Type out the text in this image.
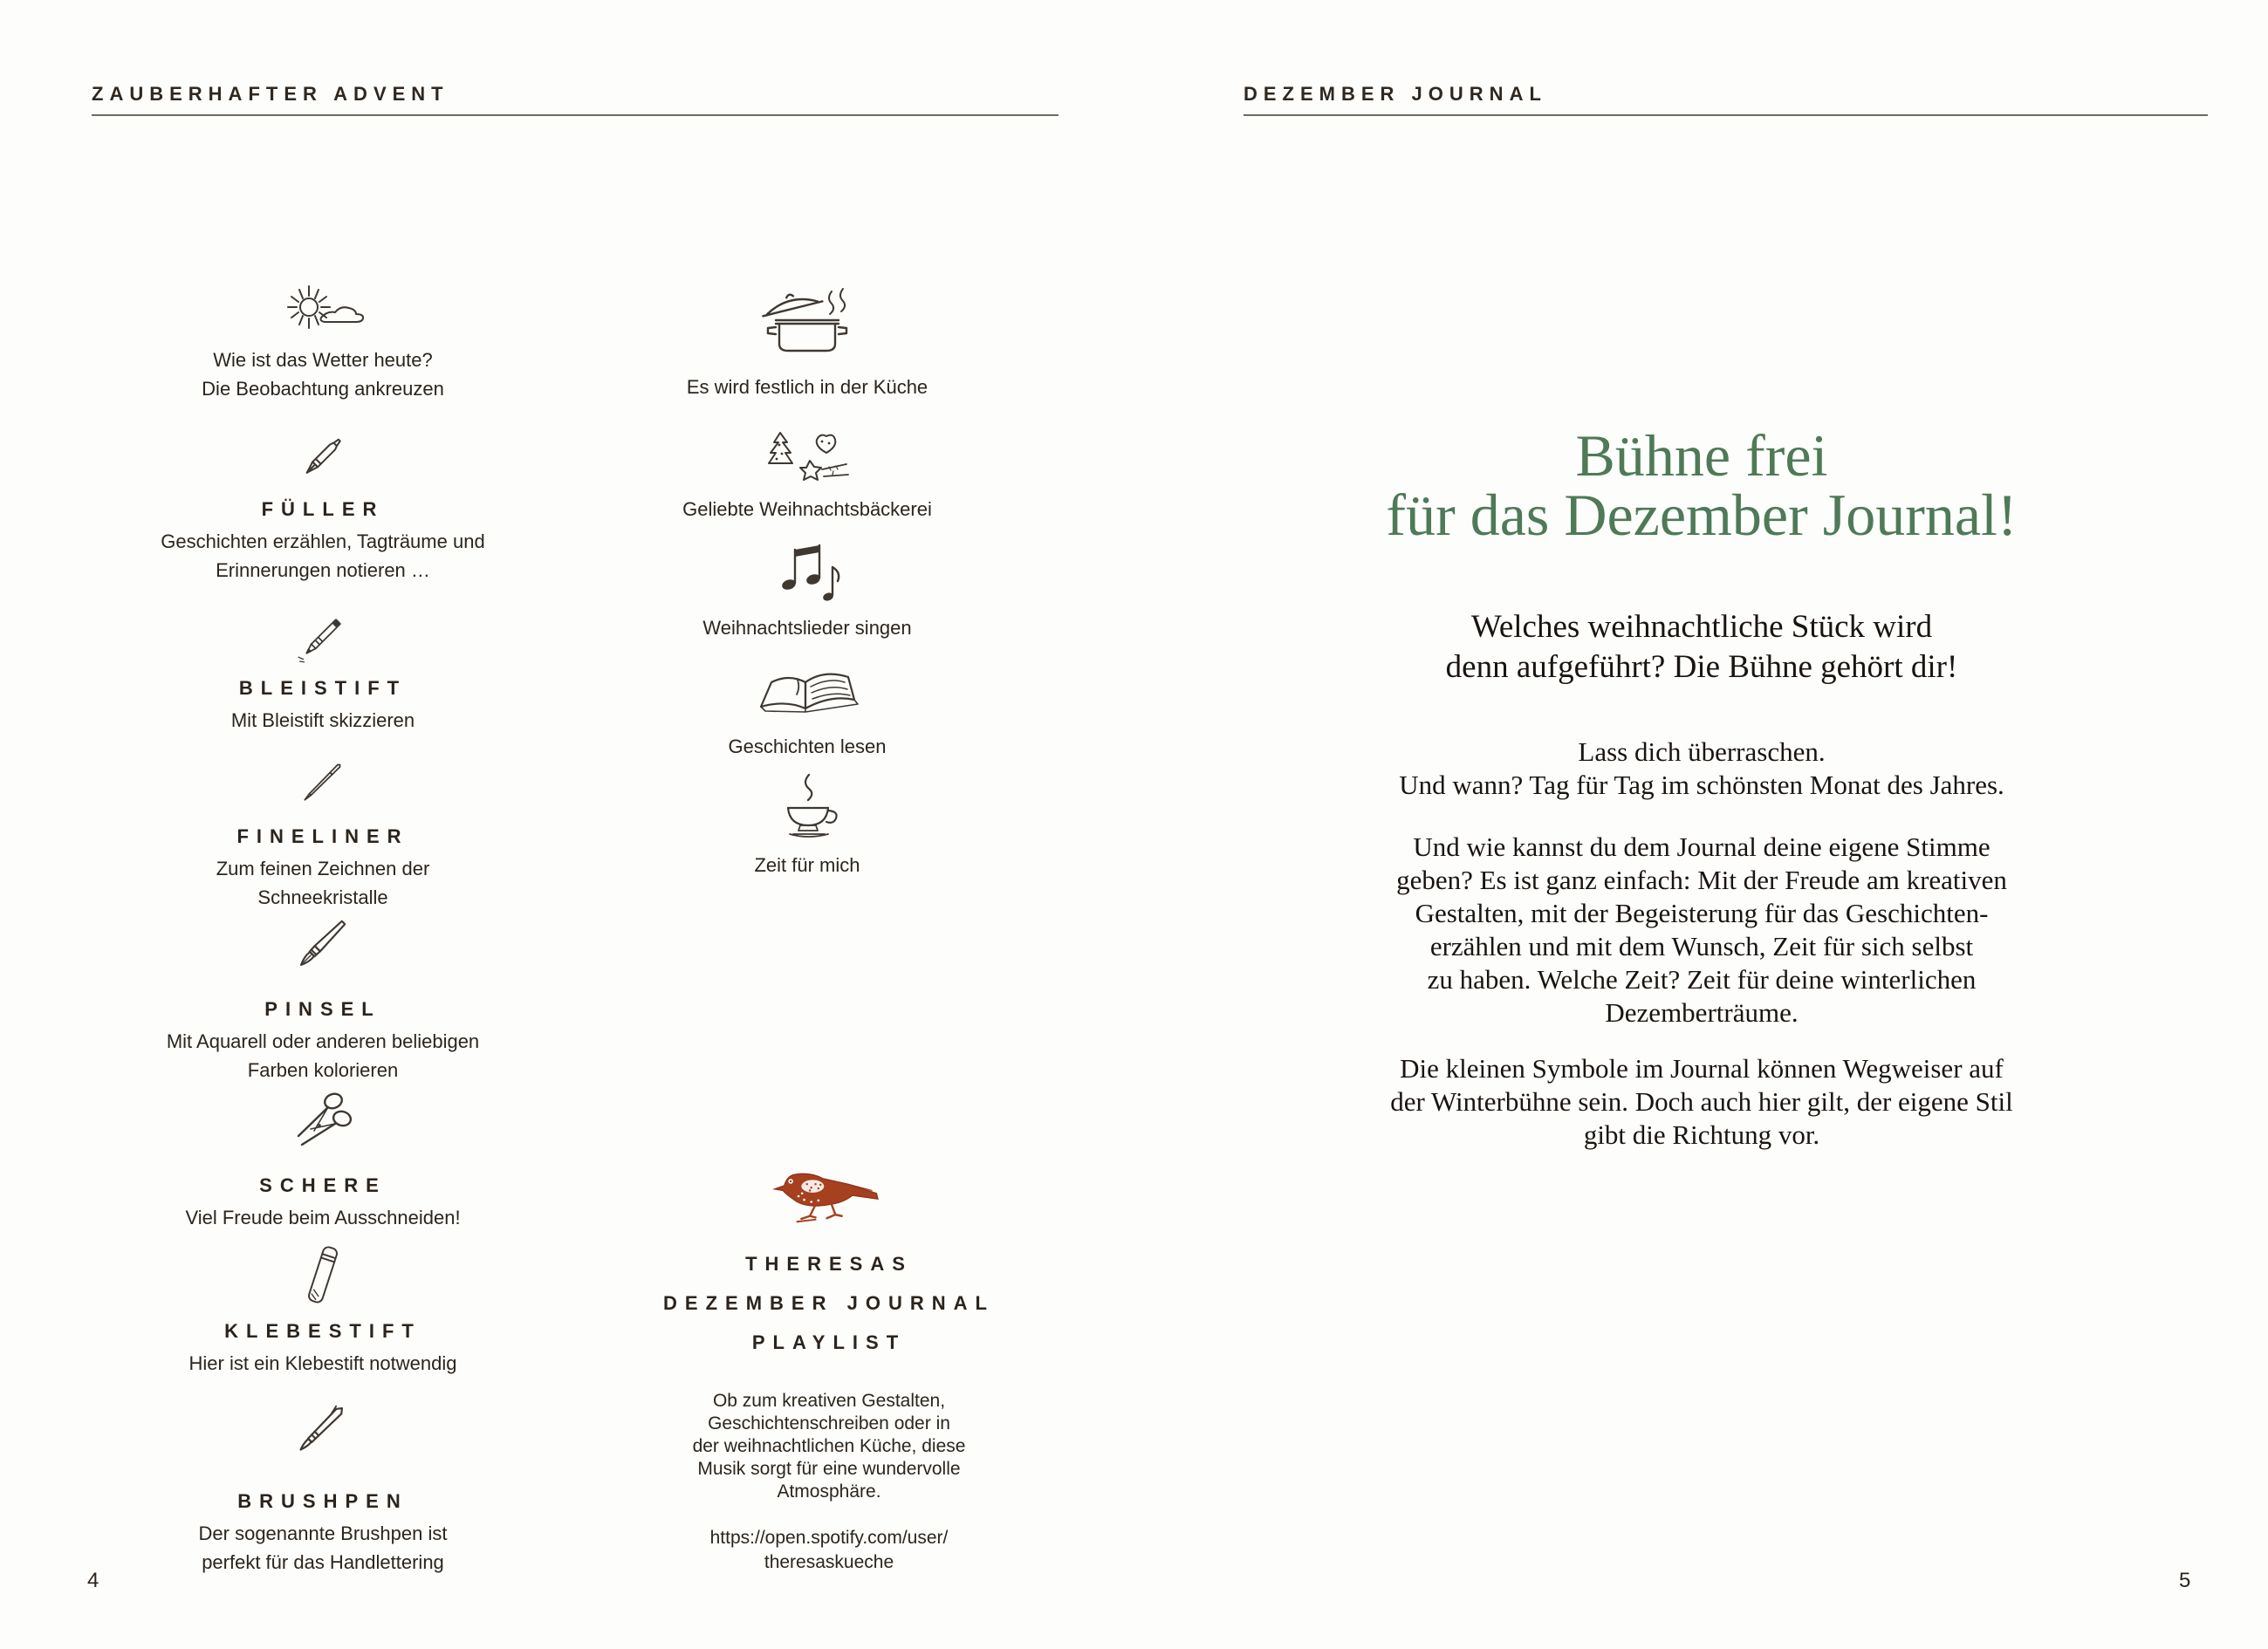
ZAUBERHAFTER ADVENT
Wie ist das Wetter heute?
Die Beobachtung ankreuzen
FÜLLER
Geschichten erzählen, Tagträume und
Erinnerungen notieren …
BLEISTIFT
Mit Bleistift skizzieren
FINELINER
Zum feinen Zeichnen der
Schneekristalle
PINSEL
Mit Aquarell oder anderen beliebigen
Farben kolorieren
SCHERE
Viel Freude beim Ausschneiden!
KLEBESTIFT
Hier ist ein Klebestift notwendig
BRUSHPEN
Der sogenannte Brushpen ist
perfekt für das Handlettering
Es wird festlich in der Küche
Geliebte Weihnachtsbäckerei
Weihnachtslieder singen
Geschichten lesen
Zeit für mich
THERESAS
DEZEMBER JOURNAL
PLAYLIST
Ob zum kreativen Gestalten,
Geschichtenschreiben oder in
der weihnachtlichen Küche, diese
Musik sorgt für eine wundervolle
Atmosphäre.
https://open.spotify.com/user/
theresaskueche
4
DEZEMBER JOURNAL
Bühne frei
für das Dezember Journal!
Welches weihnachtliche Stück wird
denn aufgeführt? Die Bühne gehört dir!
Lass dich überraschen.
Und wann? Tag für Tag im schönsten Monat des Jahres.
Und wie kannst du dem Journal deine eigene Stimme
geben? Es ist ganz einfach: Mit der Freude am kreativen
Gestalten, mit der Begeisterung für das Geschichten-
erzählen und mit dem Wunsch, Zeit für sich selbst
zu haben. Welche Zeit? Zeit für deine winterlichen
Dezemberträume.
Die kleinen Symbole im Journal können Wegweiser auf
der Winterbühne sein. Doch auch hier gilt, der eigene Stil
gibt die Richtung vor.
5
